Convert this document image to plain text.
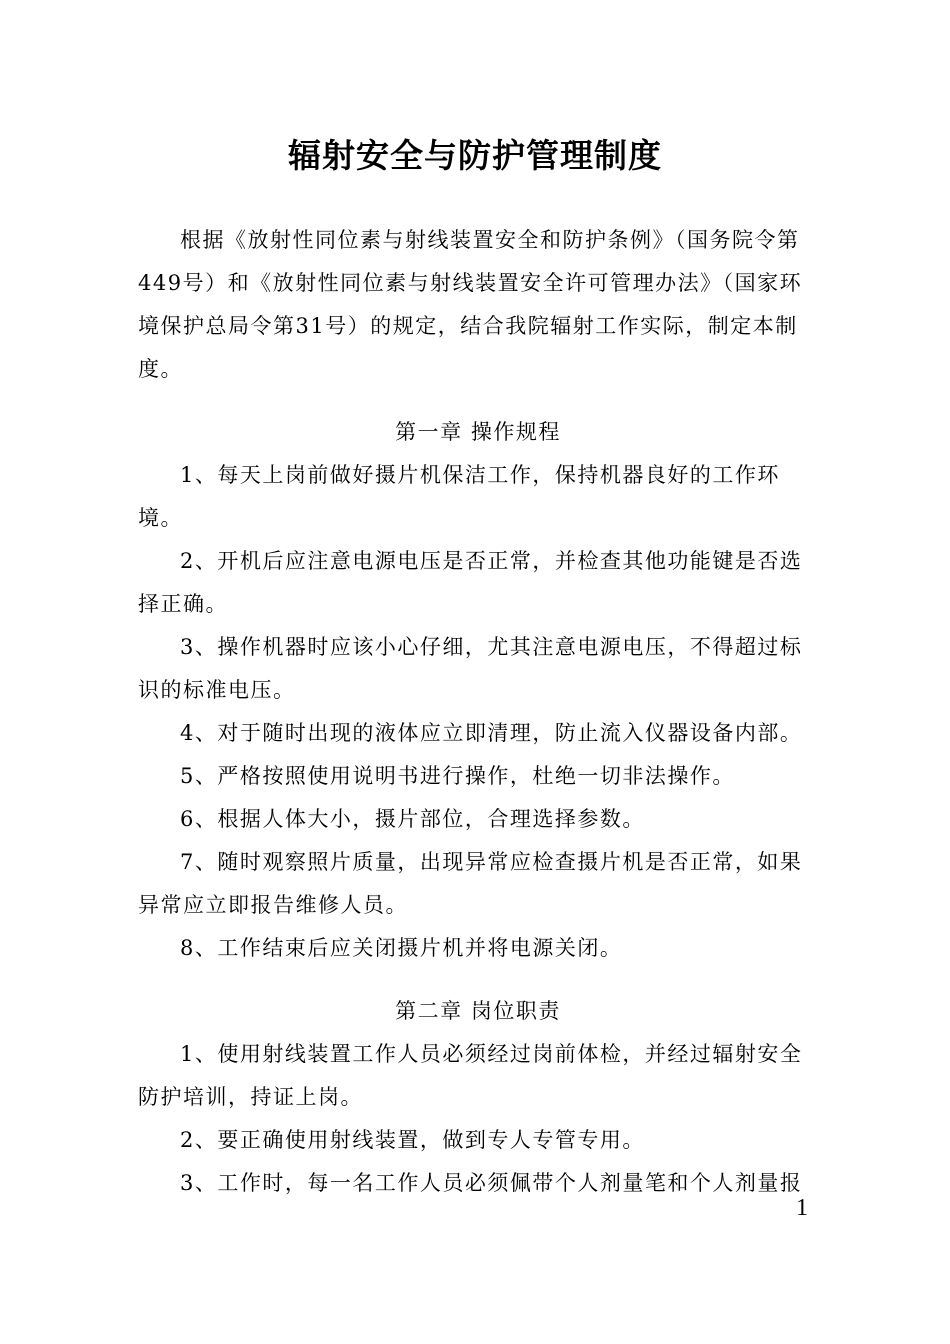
辐射安全与防护管理制度

根据《放射性同位素与射线装置安全和防护条例》（国务院令第449号）和《放射性同位素与射线装置安全许可管理办法》（国家环境保护总局令第31号）的规定，结合我院辐射工作实际，制定本制度。

第一章 操作规程

1、每天上岗前做好摄片机保洁工作，保持机器良好的工作环境。

2、开机后应注意电源电压是否正常，并检查其他功能键是否选择正确。

3、操作机器时应该小心仔细，尤其注意电源电压，不得超过标识的标准电压。

4、对于随时出现的液体应立即清理，防止流入仪器设备内部。

5、严格按照使用说明书进行操作，杜绝一切非法操作。

6、根据人体大小，摄片部位，合理选择参数。

7、随时观察照片质量，出现异常应检查摄片机是否正常，如果异常应立即报告维修人员。

8、工作结束后应关闭摄片机并将电源关闭。

第二章 岗位职责

1、使用射线装置工作人员必须经过岗前体检，并经过辐射安全防护培训，持证上岗。

2、要正确使用射线装置，做到专人专管专用。

3、工作时，每一名工作人员必须佩带个人剂量笔和个人剂量报

1
